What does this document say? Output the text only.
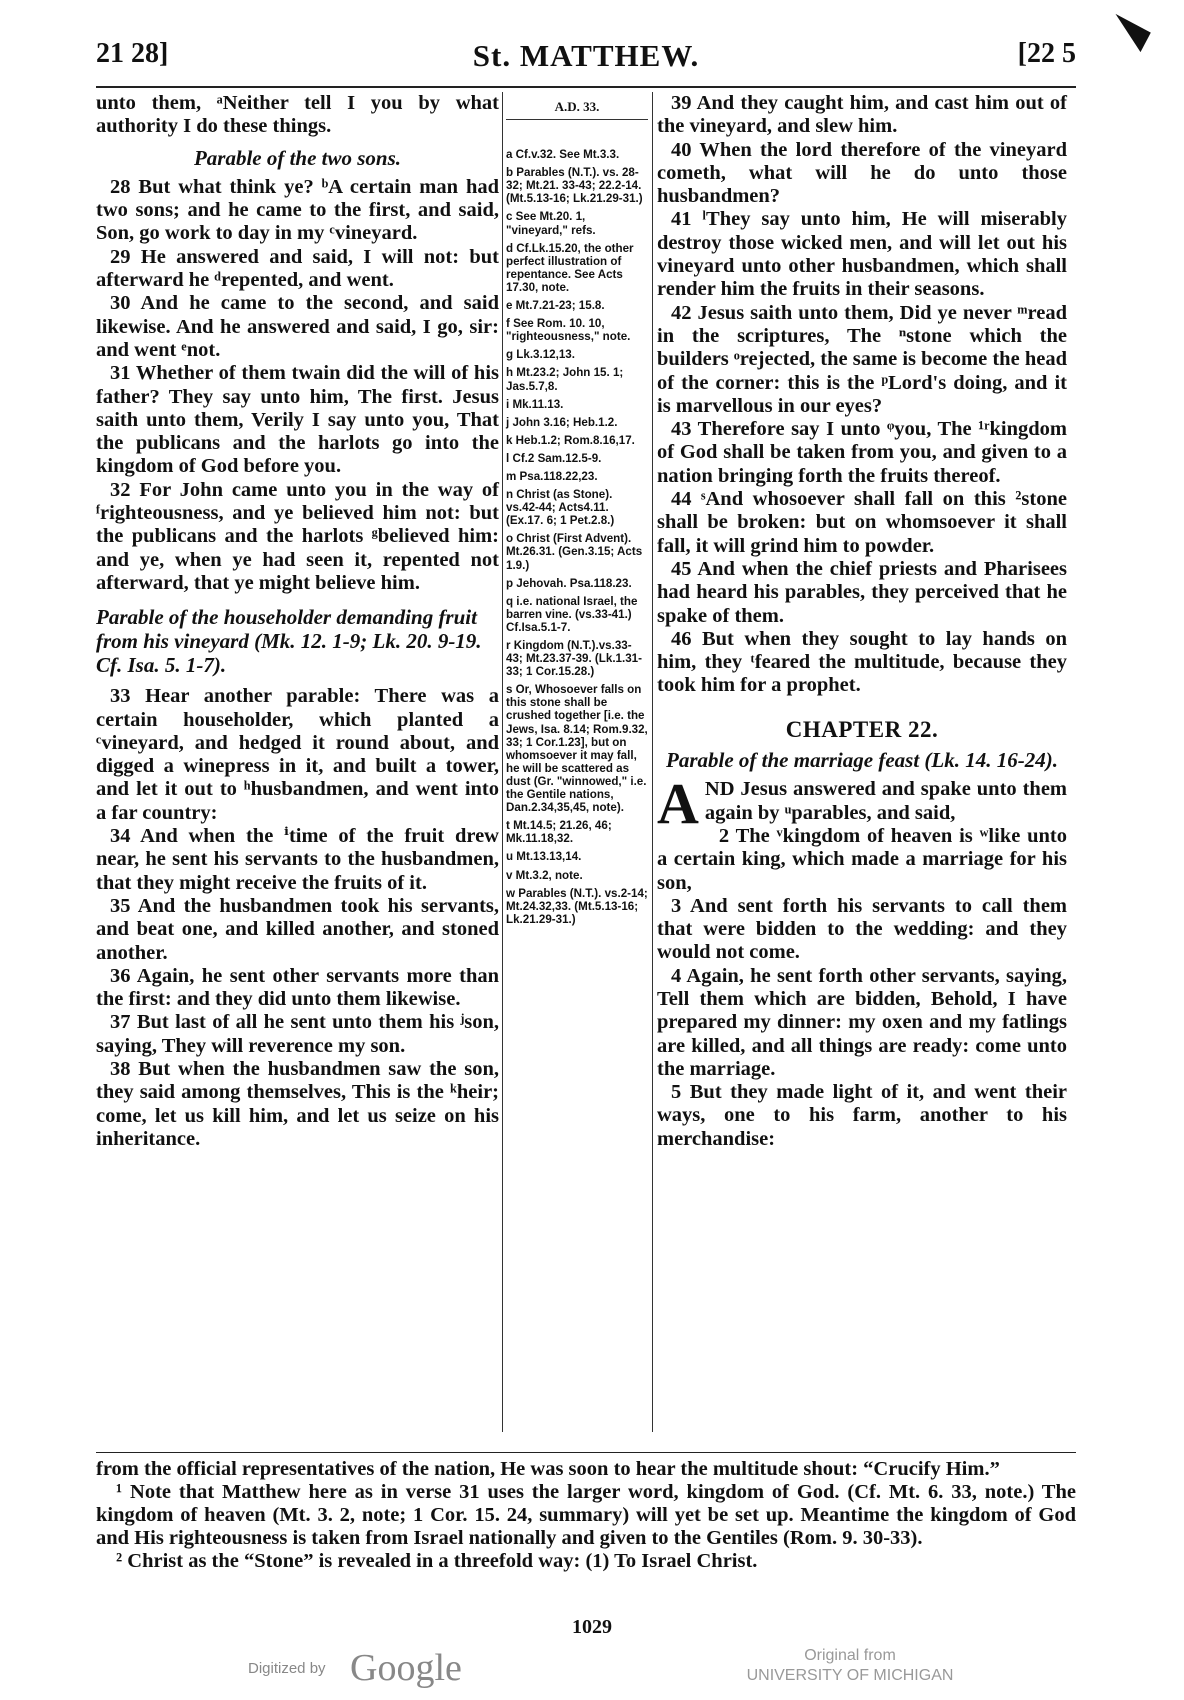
21 28]	St. MATTHEW.	[22 5

unto them, ᵃNeither tell I you by what authority I do these things.

Parable of the two sons.

28 But what think ye? ᵇA certain man had two sons; and he came to the first, and said, Son, go work to day in my ᶜvineyard.

29 He answered and said, I will not: but afterward he ᵈrepented, and went.

30 And he came to the second, and said likewise. And he answered and said, I go, sir: and went ᵉnot.

31 Whether of them twain did the will of his father? They say unto him, The first. Jesus saith unto them, Verily I say unto you, That the publicans and the harlots go into the kingdom of God before you.

32 For John came unto you in the way of ᶠrighteousness, and ye believed him not: but the publicans and the harlots ᵍbelieved him: and ye, when ye had seen it, repented not afterward, that ye might believe him.

Parable of the householder demanding fruit from his vineyard (Mk. 12. 1-9; Lk. 20. 9-19. Cf. Isa. 5. 1-7).

33 Hear another parable: There was a certain householder, which planted a ᶜvineyard, and hedged it round about, and digged a winepress in it, and built a tower, and let it out to ʰhusbandmen, and went into a far country:

34 And when the ⁱtime of the fruit drew near, he sent his servants to the husbandmen, that they might receive the fruits of it.

35 And the husbandmen took his servants, and beat one, and killed another, and stoned another.

36 Again, he sent other servants more than the first: and they did unto them likewise.

37 But last of all he sent unto them his ʲson, saying, They will reverence my son.

38 But when the husbandmen saw the son, they said among themselves, This is the ᵏheir; come, let us kill him, and let us seize on his inheritance.

A.D. 33.
a Cf.v.32. See Mt.3.3.
b Parables (N.T.). vs. 28-32; Mt.21. 33-43; 22.2-14. (Mt.5.13-16; Lk.21.29-31.)
c See Mt.20. 1, "vineyard," refs.
d Cf.Lk.15.20, the other perfect illustration of repentance. See Acts 17.30, note.
e Mt.7.21-23; 15.8.
f See Rom. 10. 10, "righteousness," note.
g Lk.3.12,13.
h Mt.23.2; John 15. 1; Jas.5.7,8.
i Mk.11.13.
j John 3.16; Heb.1.2.
k Heb.1.2; Rom.8.16,17.
l Cf.2 Sam.12.5-9.
m Psa.118.22,23.
n Christ (as Stone). vs.42-44; Acts4.11. (Ex.17. 6; 1 Pet.2.8.)
o Christ (First Advent). Mt.26.31. (Gen.3.15; Acts 1.9.)
p Jehovah. Psa.118.23.
q i.e. national Israel, the barren vine. (vs.33-41.) Cf.Isa.5.1-7.
r Kingdom (N.T.).vs.33-43; Mt.23.37-39. (Lk.1.31-33; 1 Cor.15.28.)
s Or, Whosoever falls on this stone shall be crushed together [i.e. the Jews, Isa. 8.14; Rom.9.32, 33; 1 Cor.1.23], but on whomsoever it may fall, he will be scattered as dust (Gr. "winnowed," i.e. the Gentile nations, Dan.2.34,35,45, note).
t Mt.14.5; 21.26, 46; Mk.11.18,32.
u Mt.13.13,14.
v Mt.3.2, note.
w Parables (N.T.). vs.2-14; Mt.24.32,33. (Mt.5.13-16; Lk.21.29-31.)

39 And they caught him, and cast him out of the vineyard, and slew him.

40 When the lord therefore of the vineyard cometh, what will he do unto those husbandmen?

41 ˡThey say unto him, He will miserably destroy those wicked men, and will let out his vineyard unto other husbandmen, which shall render him the fruits in their seasons.

42 Jesus saith unto them, Did ye never ᵐread in the scriptures, The ⁿstone which the builders ᵒrejected, the same is become the head of the corner: this is the ᵖLord's doing, and it is marvellous in our eyes?

43 Therefore say I unto ᵠyou, The ¹ʳkingdom of God shall be taken from you, and given to a nation bringing forth the fruits thereof.

44 ˢAnd whosoever shall fall on this ²stone shall be broken: but on whomsoever it shall fall, it will grind him to powder.

45 And when the chief priests and Pharisees had heard his parables, they perceived that he spake of them.

46 But when they sought to lay hands on him, they ᵗfeared the multitude, because they took him for a prophet.

CHAPTER 22.
Parable of the marriage feast (Lk. 14. 16-24).

AND Jesus answered and spake unto them again by ᵘparables, and said,

2 The ᵛkingdom of heaven is ʷlike unto a certain king, which made a marriage for his son,

3 And sent forth his servants to call them that were bidden to the wedding: and they would not come.

4 Again, he sent forth other servants, saying, Tell them which are bidden, Behold, I have prepared my dinner: my oxen and my fatlings are killed, and all things are ready: come unto the marriage.

5 But they made light of it, and went their ways, one to his farm, another to his merchandise:

from the official representatives of the nation, He was soon to hear the multitude shout: “Crucify Him.”

¹ Note that Matthew here as in verse 31 uses the larger word, kingdom of God. (Cf. Mt. 6. 33, note.) The kingdom of heaven (Mt. 3. 2, note; 1 Cor. 15. 24, summary) will yet be set up. Meantime the kingdom of God and His righteousness is taken from Israel nationally and given to the Gentiles (Rom. 9. 30-33).

² Christ as the “Stone” is revealed in a threefold way: (1) To Israel Christ.

1029
Digitized by Google	Original from
UNIVERSITY OF MICHIGAN
